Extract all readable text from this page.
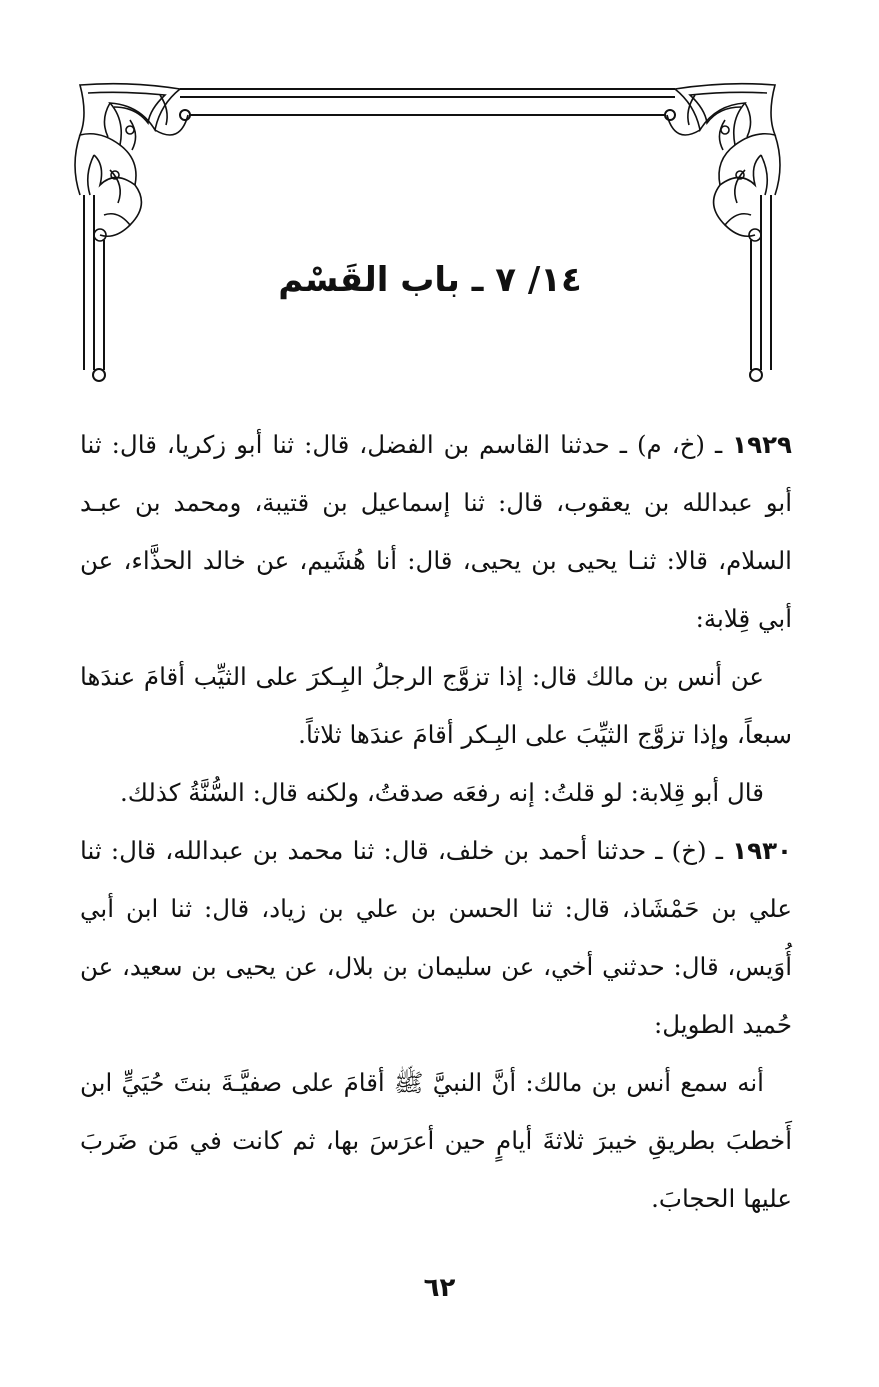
١٤/ ٧ ـ باب القَسْم

١٩٢٩ ـ (خ، م) ـ حدثنا القاسم بن الفضل، قال: ثنا أبو زكريا، قال: ثنا أبو عبدالله بن يعقوب، قال: ثنا إسماعيل بن قتيبة، ومحمد بن عبـد السلام، قالا: ثنـا يحيى بن يحيى، قال: أنا هُشَيم، عن خالد الحذَّاء، عن أبي قِلابة:

عن أنس بن مالك قال: إذا تزوَّج الرجلُ البِـكرَ على الثيِّب أقامَ عندَها سبعاً، وإذا تزوَّج الثيِّبَ على البِـكر أقامَ عندَها ثلاثاً.

قال أبو قِلابة: لو قلتُ: إنه رفعَه صدقتُ، ولكنه قال: السُّنَّةُ كذلك.

١٩٣٠ ـ (خ) ـ حدثنا أحمد بن خلف، قال: ثنا محمد بن عبدالله، قال: ثنا علي بن حَمْشَاذ، قال: ثنا الحسن بن علي بن زياد، قال: ثنا ابن أبي أُوَيس، قال: حدثني أخي، عن سليمان بن بلال، عن يحيى بن سعيد، عن حُميد الطويل:

أنه سمع أنس بن مالك: أنَّ النبيَّ ﷺ أقامَ على صفيَّـةَ بنتَ حُيَيٍّ ابن أَخطبَ بطريقِ خيبرَ ثلاثةَ أيامٍ حين أعرَسَ بها، ثم كانت في مَن ضَربَ عليها الحجابَ.

٦٢
